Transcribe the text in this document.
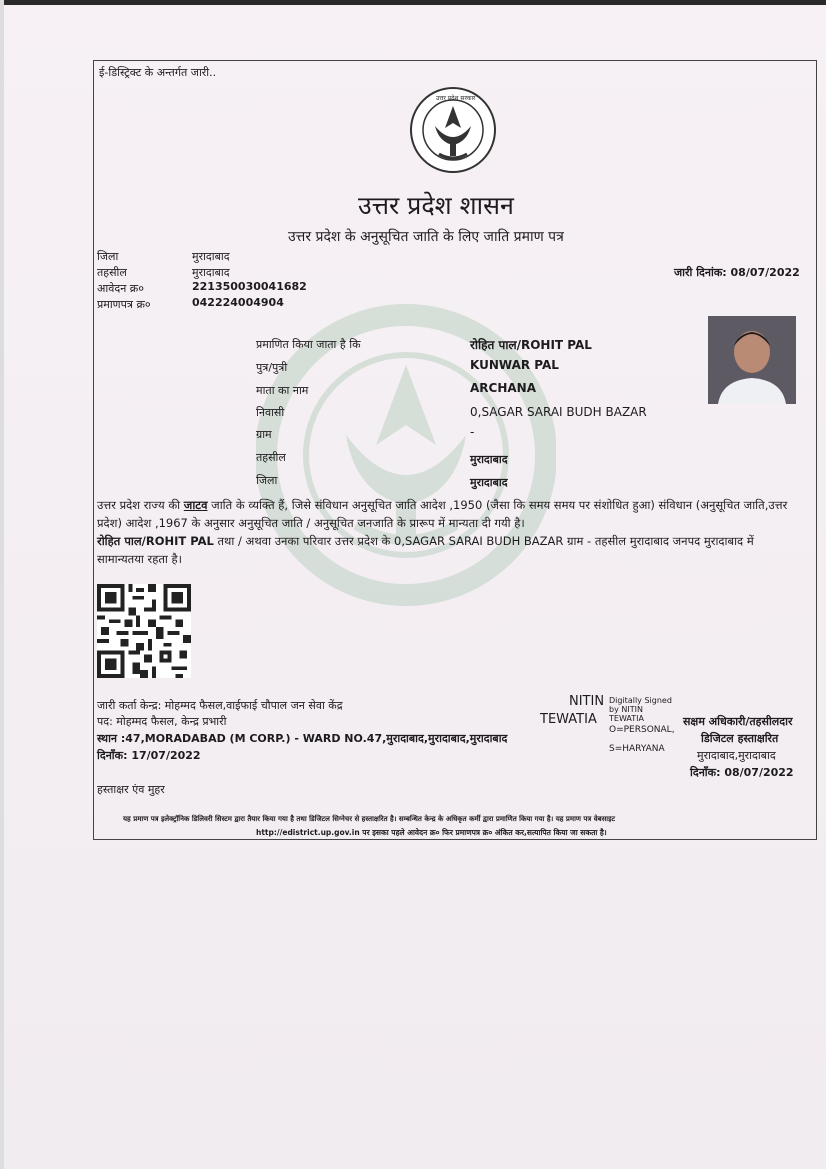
ई-डिस्ट्रिक्ट के अन्तर्गत जारी..
उत्तर प्रदेश सरकार
उत्तर प्रदेश शासन
उत्तर प्रदेश के अनुसूचित जाति के लिए जाति प्रमाण पत्र
जिला	मुरादाबाद
तहसील	मुरादाबाद
आवेदन क्र०	221350030041682
प्रमाणपत्र क्र०	042224004904
जारी दिनांक: 08/07/2022
प्रमाणित किया जाता है कि	रोहित पाल/ROHIT PAL
पुत्र/पुत्री	KUNWAR PAL
माता का नाम	ARCHANA
निवासी	0,SAGAR SARAI BUDH BAZAR
ग्राम	-
तहसील	मुरादाबाद
जिला	मुरादाबाद
उत्तर प्रदेश राज्य की जाटव जाति के व्यक्ति हैं, जिसे संविधान अनुसूचित जाति आदेश ,1950 (जैसा कि समय समय पर संशोधित हुआ) संविधान (अनुसूचित जाति,उत्तर प्रदेश) आदेश ,1967 के अनुसार अनुसूचित जाति / अनुसूचित जनजाति के प्रारूप में मान्यता दी गयी है।
रोहित पाल/ROHIT PAL तथा / अथवा उनका परिवार उत्तर प्रदेश के 0,SAGAR SARAI BUDH BAZAR ग्राम - तहसील मुरादाबाद जनपद मुरादाबाद में सामान्यतया रहता है।
जारी कर्ता केन्द्र: मोहम्मद फैसल,वाईफाई चौपाल जन सेवा केंद्र
पद: मोहम्मद फैसल, केन्द्र प्रभारी
स्थान :47,MORADABAD (M CORP.) - WARD NO.47,मुरादाबाद,मुरादाबाद,मुरादाबाद
दिनाँक: 17/07/2022
हस्ताक्षर एंव मुहर
NITIN
TEWATIA
Digitally Signed
by NITIN
TEWATIA
O=PERSONAL,
S=HARYANA
सक्षम अधिकारी/तहसीलदार
डिजिटल हस्ताक्षरित
मुरादाबाद,मुरादाबाद
दिनाँक: 08/07/2022
यह प्रमाण पत्र इलेक्ट्रॉनिक डिलिवरी सिस्टम द्वारा तैयार किया गया है तथा डिजिटल सिग्नेचर से हस्ताक्षरित है। सम्बन्धित केन्द्र के अधिकृत कर्मी द्वारा प्रमाणित किया गया है। यह प्रमाण पत्र वेबसाइट
http://edistrict.up.gov.in पर इसका पहले आवेदन क्र० फिर प्रमाणपत्र क्र० अंकित कर,सत्यापित किया जा सकता है।
